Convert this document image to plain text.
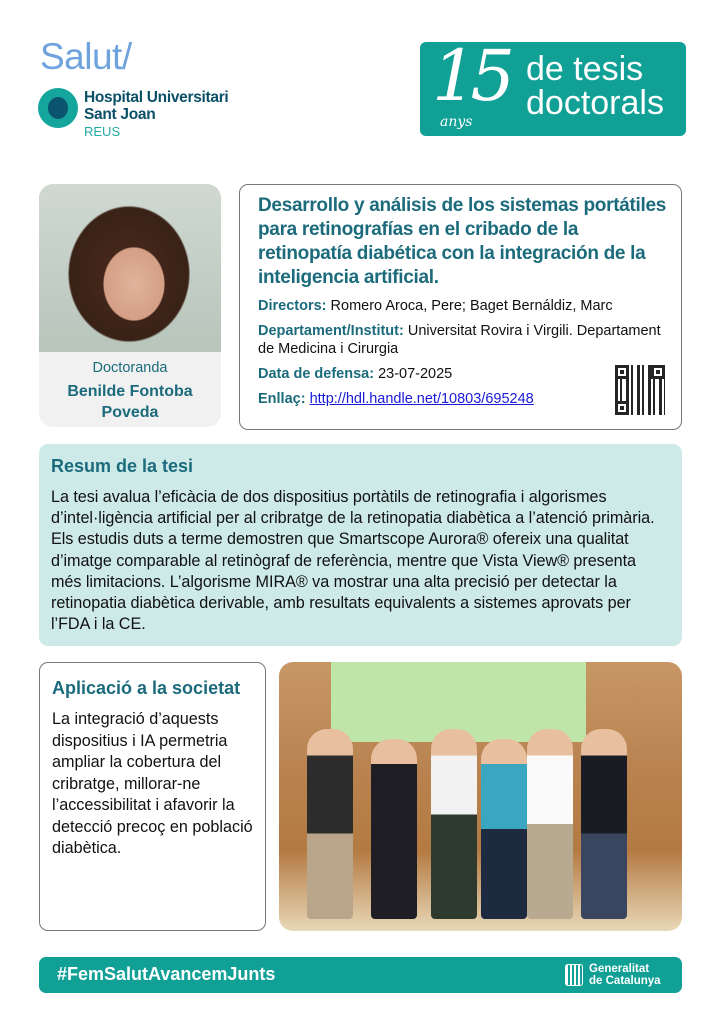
Salut/
Hospital Universitari
Sant Joan
REUS
15
anys
de tesis
doctorals
Doctoranda
Benilde Fontoba
Poveda
Desarrollo y análisis de los sistemas portátiles para retinografías en el cribado de la retinopatía diabética con la integración de la inteligencia artificial.
Directors: Romero Aroca, Pere; Baget Bernáldiz, Marc
Departament/Institut: Universitat Rovira i Virgili. Departament de Medicina i Cirurgia
Data de defensa: 23-07-2025
Enllaç: http://hdl.handle.net/10803/695248
Resum de la tesi
La tesi avalua l’eficàcia de dos dispositius portàtils de retinografia i algorismes d’intel·ligència artificial per al cribratge de la retinopatia diabètica a l’atenció primària. Els estudis duts a terme demostren que Smartscope Aurora® ofereix una qualitat d’imatge comparable al retinògraf de referència, mentre que Vista View® presenta més limitacions. L’algorisme MIRA® va mostrar una alta precisió per detectar la retinopatia diabètica derivable, amb resultats equivalents a sistemes aprovats per l’FDA i la CE.
Aplicació a la societat
La integració d’aquests dispositius i IA permetria ampliar la cobertura del cribratge, millorar-ne l’accessibilitat i afavorir la detecció precoç en població diabètica.
#FemSalutAvancemJunts	Generalitat
de Catalunya
